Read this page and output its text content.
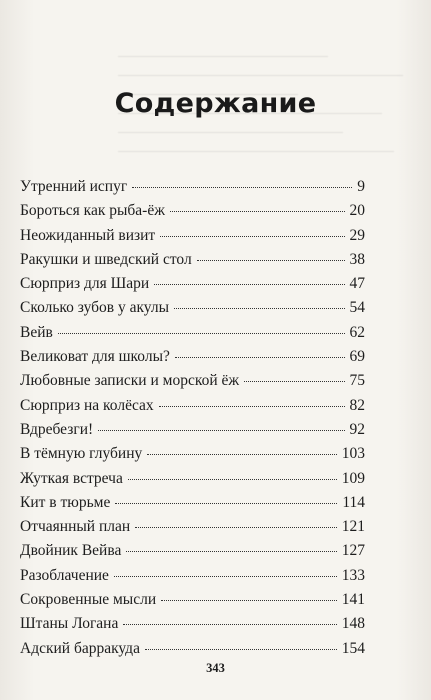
Содержание
Утренний испуг	9
Бороться как рыба-ёж	20
Неожиданный визит	29
Ракушки и шведский стол	38
Сюрприз для Шари	47
Сколько зубов у акулы	54
Вейв	62
Великоват для школы?	69
Любовные записки и морской ёж	75
Сюрприз на колёсах	82
Вдребезги!	92
В тёмную глубину	103
Жуткая встреча	109
Кит в тюрьме	114
Отчаянный план	121
Двойник Вейва	127
Разоблачение	133
Сокровенные мысли	141
Штаны Логана	148
Адский барракуда	154
343
